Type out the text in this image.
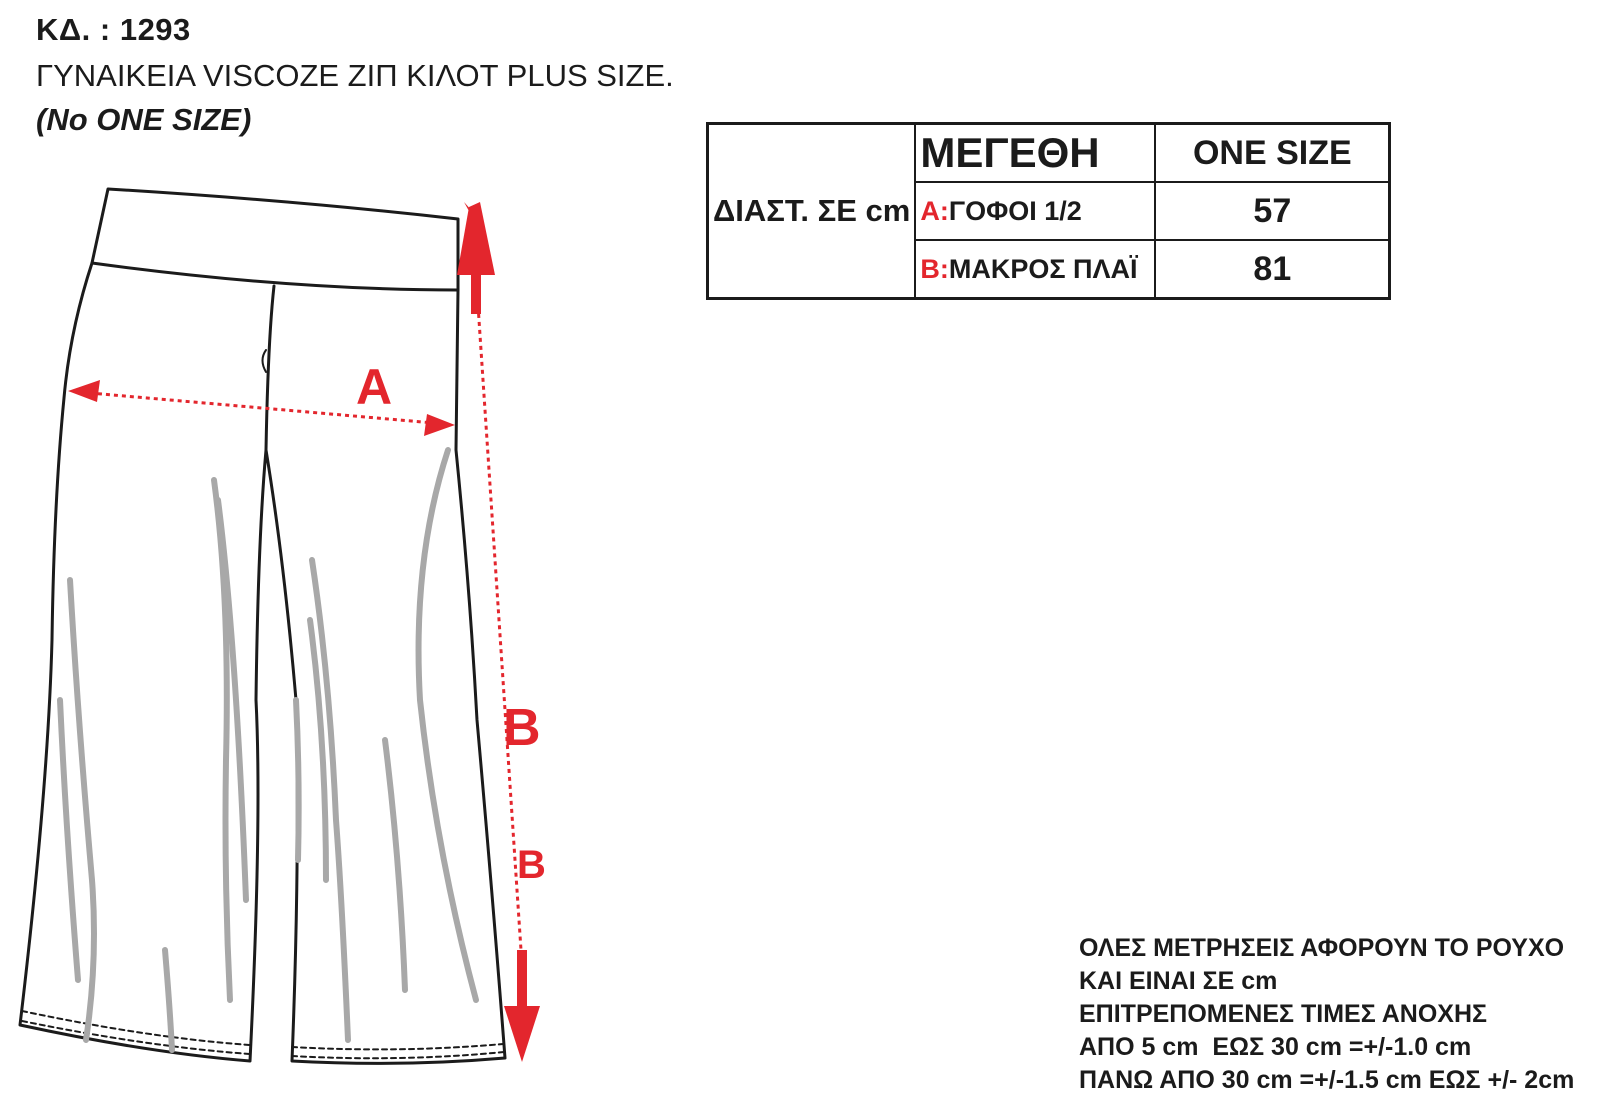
ΚΔ. : 1293
ΓΥΝΑΙΚΕΙΑ VISCOZE ΖΙΠ ΚΙΛΟΤ PLUS SIZE.
(No ONE SIZE)
ΔΙΑΣΤ. ΣΕ cm	ΜΕΓΕΘΗ	ONE SIZE
	A:ΓΟΦΟΙ 1/2	57
	B:ΜΑΚΡΟΣ ΠΛΑΪ	81
A
B
B
ΟΛΕΣ ΜΕΤΡΗΣΕΙΣ ΑΦΟΡΟΥΝ ΤΟ ΡΟΥΧΟ
ΚΑΙ ΕΙΝΑΙ ΣΕ cm
ΕΠΙΤΡΕΠΟΜΕΝΕΣ ΤΙΜΕΣ ΑΝΟΧΗΣ
ΑΠΟ 5 cm  ΕΩΣ 30 cm =+/-1.0 cm
ΠΑΝΩ ΑΠΟ 30 cm =+/-1.5 cm ΕΩΣ +/- 2cm
